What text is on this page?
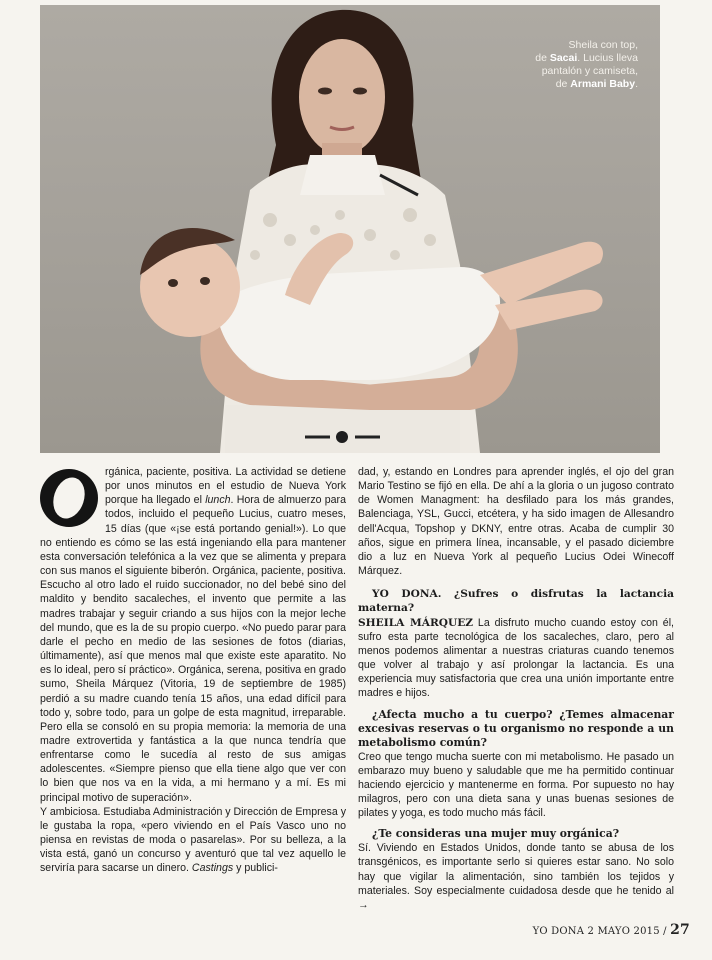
Sheila con top,
de Sacai. Lucius lleva pantalón y camiseta, de Armani Baby.

rgánica, paciente, positiva. La actividad se detiene por unos minutos en el estudio de Nueva York porque ha llegado el lunch. Hora de almuerzo para todos, incluido el pequeño Lucius, cuatro meses, 15 días (que «¡se está portando genial!»). Lo que no entiendo es cómo se las está ingeniando ella para mantener esta conversación telefónica a la vez que se alimenta y prepara con sus manos el siguiente biberón. Orgánica, paciente, positiva. Escucho al otro lado el ruido succionador, no del bebé sino del maldito y bendito sacaleches, el invento que permite a las madres trabajar y seguir criando a sus hijos con la mejor leche del mundo, que es la de su propio cuerpo. «No puedo parar para darle el pecho en medio de las sesiones de fotos (diarias, últimamente), así que menos mal que existe este aparatito. No es lo ideal, pero sí práctico». Orgánica, serena, positiva en grado sumo, Sheila Márquez (Vitoria, 19 de septiembre de 1985) perdió a su madre cuando tenía 15 años, una edad difícil para todo y, sobre todo, para un golpe de esta magnitud, irreparable. Pero ella se consoló en su propia memoria: la memoria de una madre extrovertida y fantástica a la que nunca tendría que enfrentarse como le sucedía al resto de sus amigas adolescentes. «Siempre pienso que ella tiene algo que ver con lo bien que nos va en la vida, a mi hermano y a mí. Es mi principal motivo de superación».

Y ambiciosa. Estudiaba Administración y Dirección de Empresa y le gustaba la ropa, «pero viviendo en el País Vasco uno no piensa en revistas de moda o pasarelas». Por su belleza, a la vista está, ganó un concurso y aventuró que tal vez aquello le serviría para sacarse un dinero. Castings y publici-

dad, y, estando en Londres para aprender inglés, el ojo del gran Mario Testino se fijó en ella. De ahí a la gloria o un jugoso contrato de Women Managment: ha desfilado para los más grandes, Balenciaga, YSL, Gucci, etcétera, y ha sido imagen de Allesandro dell'Acqua, Topshop y DKNY, entre otras. Acaba de cumplir 30 años, sigue en primera línea, incansable, y el pasado diciembre dio a luz en Nueva York al pequeño Lucius Odei Winecoff Márquez.

YO DONA. ¿Sufres o disfrutas la lactancia materna?

SHEILA MÁRQUEZ La disfruto mucho cuando estoy con él, sufro esta parte tecnológica de los sacaleches, claro, pero al menos podemos alimentar a nuestras criaturas cuando tenemos que volver al trabajo y así prolongar la lactancia. Es una experiencia muy satisfactoria que crea una unión importante entre madres e hijos.

¿Afecta mucho a tu cuerpo? ¿Temes almacenar excesivas reservas o tu organismo no responde a un metabolismo común?

Creo que tengo mucha suerte con mi metabolismo. He pasado un embarazo muy bueno y saludable que me ha permitido continuar haciendo ejercicio y mantenerme en forma. Por supuesto no hay milagros, pero con una dieta sana y unas buenas sesiones de pilates y yoga, es todo mucho más fácil.

¿Te consideras una mujer muy orgánica?

Sí. Viviendo en Estados Unidos, donde tanto se abusa de los transgénicos, es importante serlo si quieres estar sano. No solo hay que vigilar la alimentación, sino también los tejidos y materiales. Soy especialmente cuidadosa desde que he tenido al →

YO DONA 2 MAYO 2015 / 27
